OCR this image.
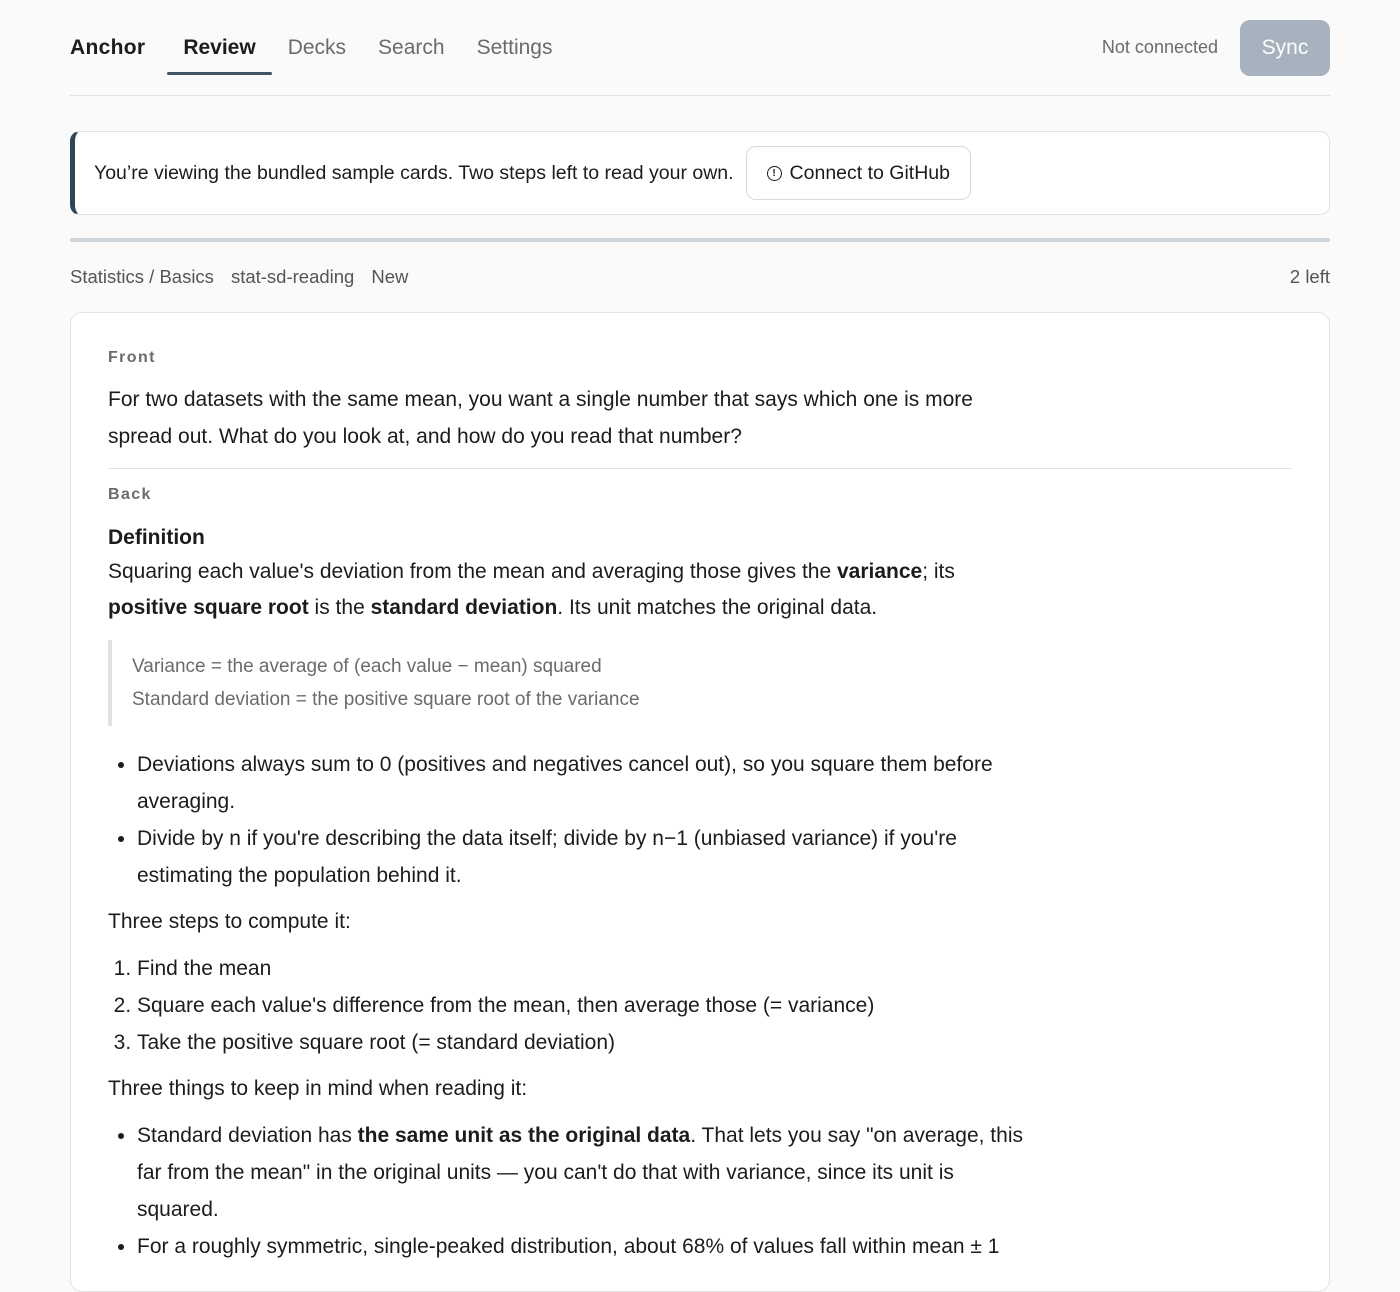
Anchor	Review	Decks	Search	Settings	Not connected	Sync
You’re viewing the bundled sample cards. Two steps left to read your own.	! Connect to GitHub
Statistics / Basics stat-sd-reading New	2 left
Front

For two datasets with the same mean, you want a single number that says which one is more spread out. What do you look at, and how do you read that number?

Back
Definition

Squaring each value's deviation from the mean and averaging those gives the variance; its positive square root is the standard deviation. Its unit matches the original data.

Variance = the average of (each value − mean) squared
Standard deviation = the positive square root of the variance
• Deviations always sum to 0 (positives and negatives cancel out), so you square them before averaging.
• Divide by n if you're describing the data itself; divide by n−1 (unbiased variance) if you're estimating the population behind it.

Three steps to compute it:

1. Find the mean
2. Square each value's difference from the mean, then average those (= variance)
3. Take the positive square root (= standard deviation)

Three things to keep in mind when reading it:

• Standard deviation has the same unit as the original data. That lets you say "on average, this far from the mean" in the original units — you can't do that with variance, since its unit is squared.
• For a roughly symmetric, single-peaked distribution, about 68% of values fall within mean ± 1
